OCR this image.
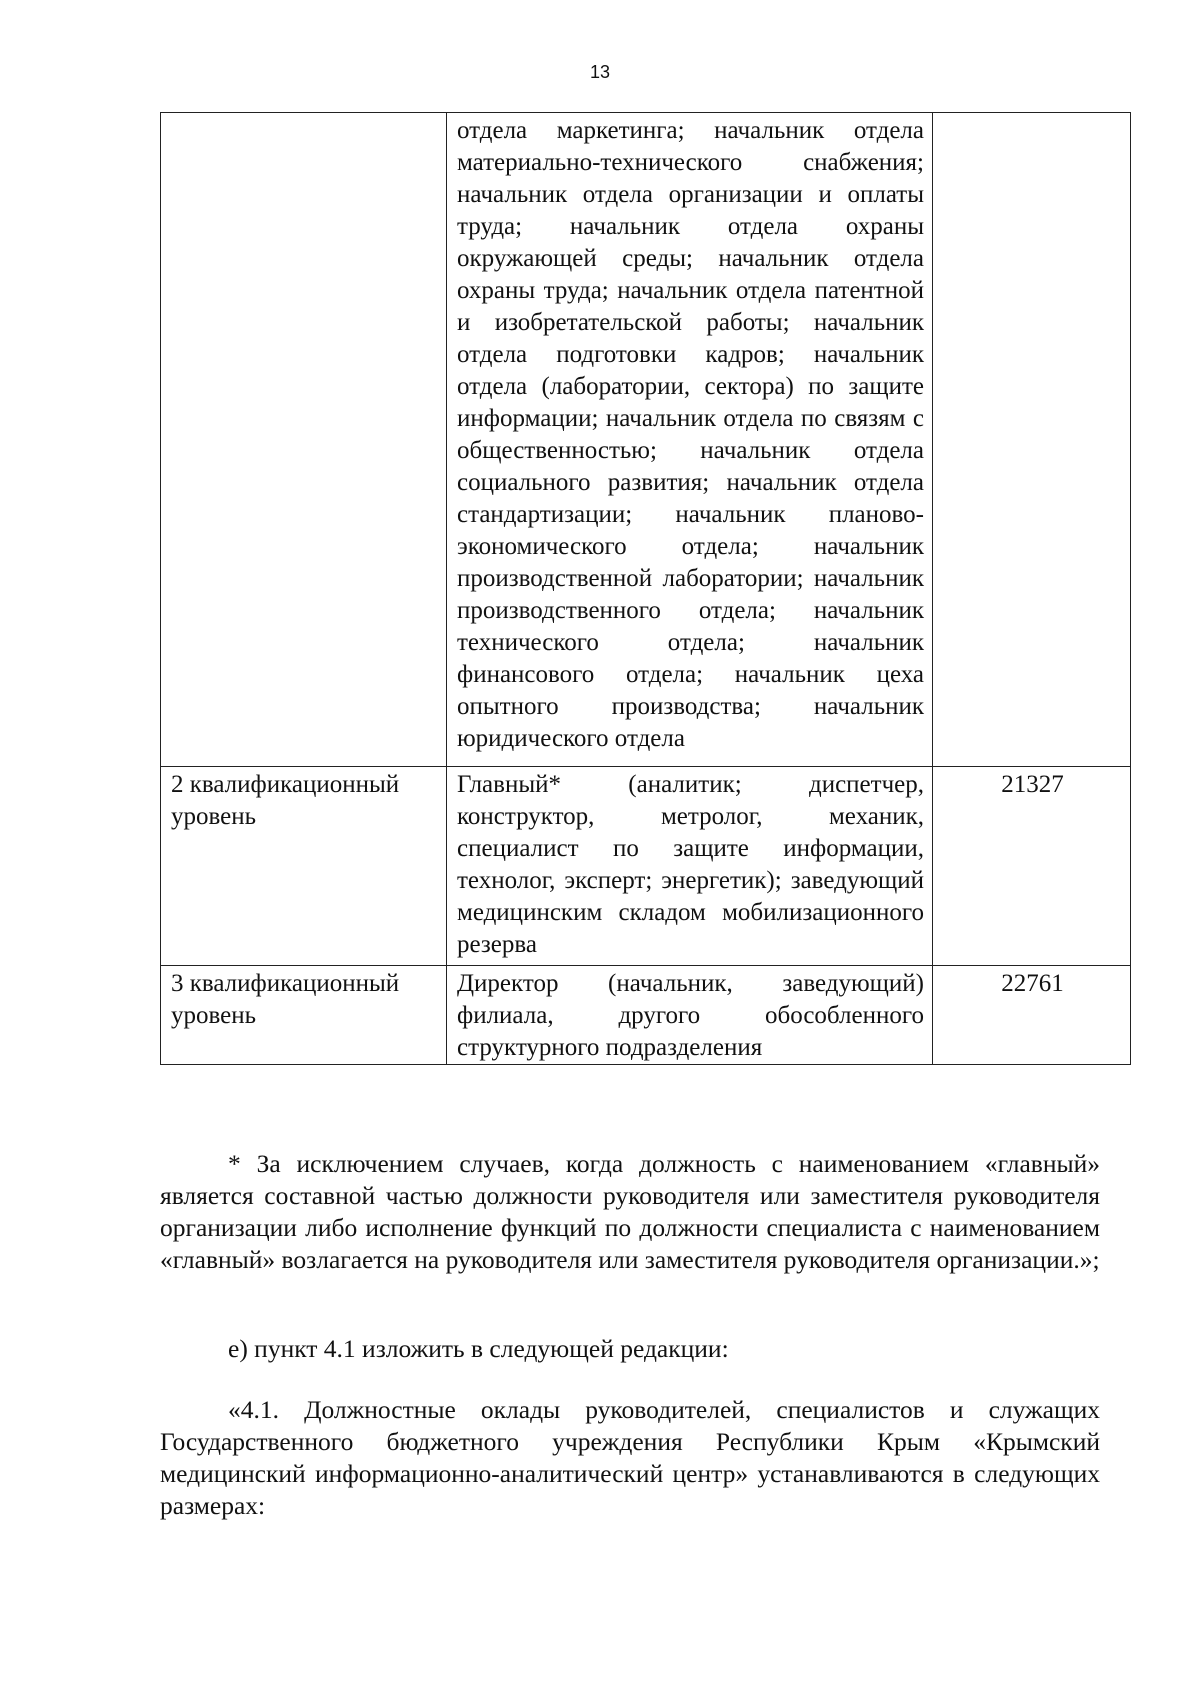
13
	отдела маркетинга; начальник отдела материально-технического снабжения; начальник отдела организации и оплаты труда; начальник отдела охраны окружающей среды; начальник отдела охраны труда; начальник отдела патентной и изобретательской работы; начальник отдела подготовки кадров; начальник отдела (лаборатории, сектора) по защите информации; начальник отдела по связям с общественностью; начальник отдела социального развития; начальник отдела стандартизации; начальник планово-экономического отдела; начальник производственной лаборатории; начальник производственного отдела; начальник технического отдела; начальник финансового отдела; начальник цеха опытного производства; начальник юридического отдела	
2 квалификационный уровень	Главный* (аналитик; диспетчер, конструктор, метролог, механик, специалист по защите информации, технолог, эксперт; энергетик); заведующий медицинским складом мобилизационного резерва	21327
3 квалификационный уровень	Директор (начальник, заведующий) филиала, другого обособленного структурного подразделения	22761

* За исключением случаев, когда должность с наименованием «главный» является составной частью должности руководителя или заместителя руководителя организации либо исполнение функций по должности специалиста с наименованием «главный» возлагается на руководителя или заместителя руководителя организации.»;

е) пункт 4.1 изложить в следующей редакции:

«4.1. Должностные оклады руководителей, специалистов и служащих Государственного бюджетного учреждения Республики Крым «Крымский медицинский информационно-аналитический центр» устанавливаются в следующих размерах:
